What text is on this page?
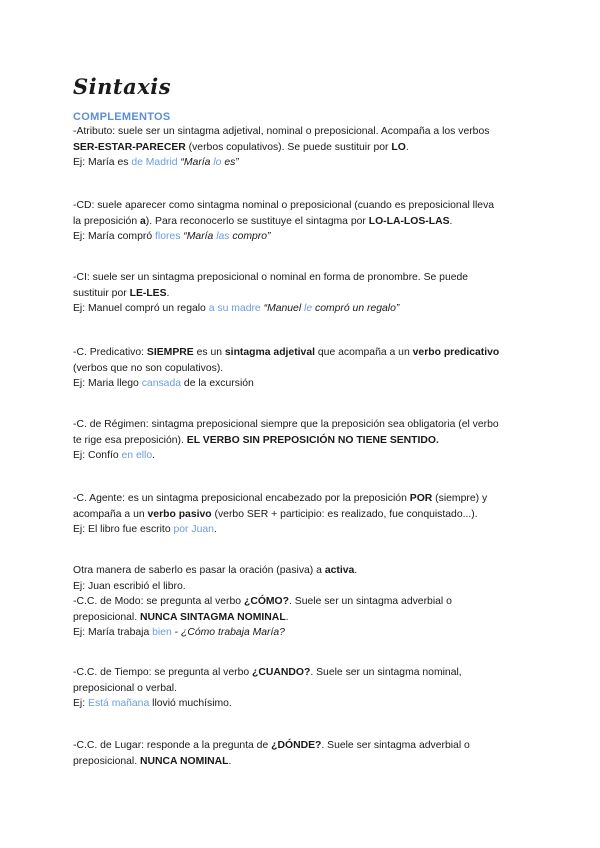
Sintaxis
COMPLEMENTOS

-Atributo: suele ser un sintagma adjetival, nominal o preposicional. Acompaña a los verbos

SER-ESTAR-PARECER (verbos copulativos). Se puede sustituir por LO.

Ej: María es de Madrid “María lo es”

-CD: suele aparecer como sintagma nominal o preposicional (cuando es preposicional lleva

la preposición a). Para reconocerlo se sustituye el sintagma por LO-LA-LOS-LAS.

Ej: María compró flores “María las compro”

-CI: suele ser un sintagma preposicional o nominal en forma de pronombre. Se puede

sustituir por LE-LES.

Ej: Manuel compró un regalo a su madre “Manuel le compró un regalo”

-C. Predicativo: SIEMPRE es un sintagma adjetival que acompaña a un verbo predicativo

(verbos que no son copulativos).

Ej: Maria llego cansada de la excursión

-C. de Régimen: sintagma preposicional siempre que la preposición sea obligatoria (el verbo

te rige esa preposición). EL VERBO SIN PREPOSICIÓN NO TIENE SENTIDO.

Ej: Confío en ello.

-C. Agente: es un sintagma preposicional encabezado por la preposición POR (siempre) y

acompaña a un verbo pasivo (verbo SER + participio: es realizado, fue conquistado...).

Ej: El libro fue escrito por Juan.

Otra manera de saberlo es pasar la oración (pasiva) a activa.

Ej: Juan escribió el libro.

-C.C. de Modo: se pregunta al verbo ¿CÓMO?. Suele ser un sintagma adverbial o

preposicional. NUNCA SINTAGMA NOMINAL.

Ej: María trabaja bien - ¿Cómo trabaja María?

-C.C. de Tiempo: se pregunta al verbo ¿CUANDO?. Suele ser un sintagma nominal,

preposicional o verbal.

Ej: Está mañana llovió muchísimo.

-C.C. de Lugar: responde a la pregunta de ¿DÓNDE?. Suele ser sintagma adverbial o

preposicional. NUNCA NOMINAL.
